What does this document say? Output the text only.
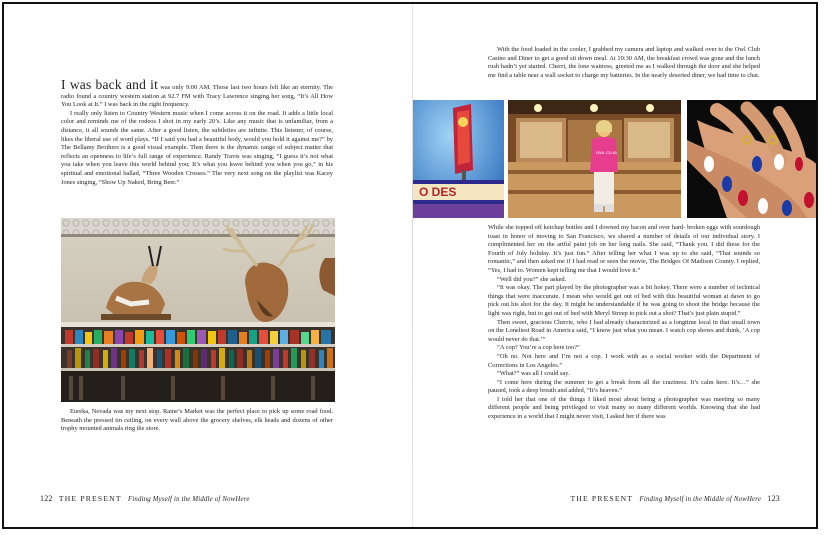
I was back and it was only 9:00 AM. Those last two hours felt like an eternity. The radio found a country western station at 92.7 FM with Tracy Lawrence singing her song, “It’s All How You Look at It.” I was back in the right frequency.

I really only listen to Country Western music when I come across it on the road. It adds a little local color and reminds me of the rodeos I shot in my early 20’s. Like any music that is unfamiliar, from a distance, it all sounds the same. After a good listen, the subtleties are infinite. This listener, of course, likes the liberal use of word plays. “If I said you had a beautiful body, would you hold it against me?” by The Bellamy Brothers is a good visual example. Then there is the dynamic range of subject matter that reflects an openness to life’s full range of experience. Randy Travis was singing, “I guess it’s not what you take when you leave this world behind you; It’s what you leave behind you when you go,” in his spiritual and emotional ballad, “Three Wooden Crosses.” The very next song on the playlist was Kacey Jones singing, “Show Up Naked, Bring Beer.”

Eureka, Nevada was my next stop. Raine’s Market was the perfect place to pick up some road food. Beneath the pressed tin ceiling, on every wall above the grocery shelves, elk heads and dozens of other trophy mounted animals ring the store.

122 THE PRESENT Finding Myself in the Middle of NowHere

With the food loaded in the cooler, I grabbed my camera and laptop and walked over to the Owl Club Casino and Diner to get a good sit down meal. At 10:30 AM, the breakfast crowd was gone and the lunch rush hadn’t yet started. Cherri, the lone waitress, greeted me as I walked through the door and she helped me find a table near a wall socket to charge my batteries. In the nearly deserted diner, we had time to chat.

O DES
OWL CLUB

While she topped off ketchup bottles and I downed my bacon and over hard- broken eggs with sourdough toast in honor of moving to San Francisco, we shared a number of details of our individual story. I complimented her on the artful paint job on her long nails. She said, “Thank you. I did these for the Fourth of July holiday. It’s just fun.” After telling her what I was up to she said, “That sounds so romantic,” and then asked me if I had read or seen the movie, The Bridges Of Madison County. I replied, “Yes, I had to. Women kept telling me that I would love it.”

“Well did you?” she asked.

“It was okay. The part played by the photographer was a bit hokey. There were a number of technical things that were inaccurate. I mean who would get out of bed with this beautiful woman at dawn to go pick out his shot for the day. It might be understandable if he was going to shoot the bridge because the light was right, but to get out of bed with Meryl Streep to pick out a shot? That’s just plain stupid.”

Then sweet, gracious Cherrie, who I had already characterized as a longtime local in that small town on the Loneliest Road in America said, “I know just what you mean. I watch cop shows and think, ‘A cop would never do that.’”

“A cop? You’re a cop here too?”

“Oh no. Not here and I’m not a cop. I work with as a social worker with the Department of Corrections in Los Angeles.”

“What?” was all I could say.

“I come here during the summer to get a break from all the craziness. It’s calm here. It’s…” she paused, took a deep breath and added, “It’s heaven.”

I told her that one of the things I liked most about being a photographer was meeting so many different people and being privileged to visit many so many different worlds. Knowing that she had experience in a world that I might never visit, I asked her if there was

THE PRESENT Finding Myself in the Middle of NowHere 123
